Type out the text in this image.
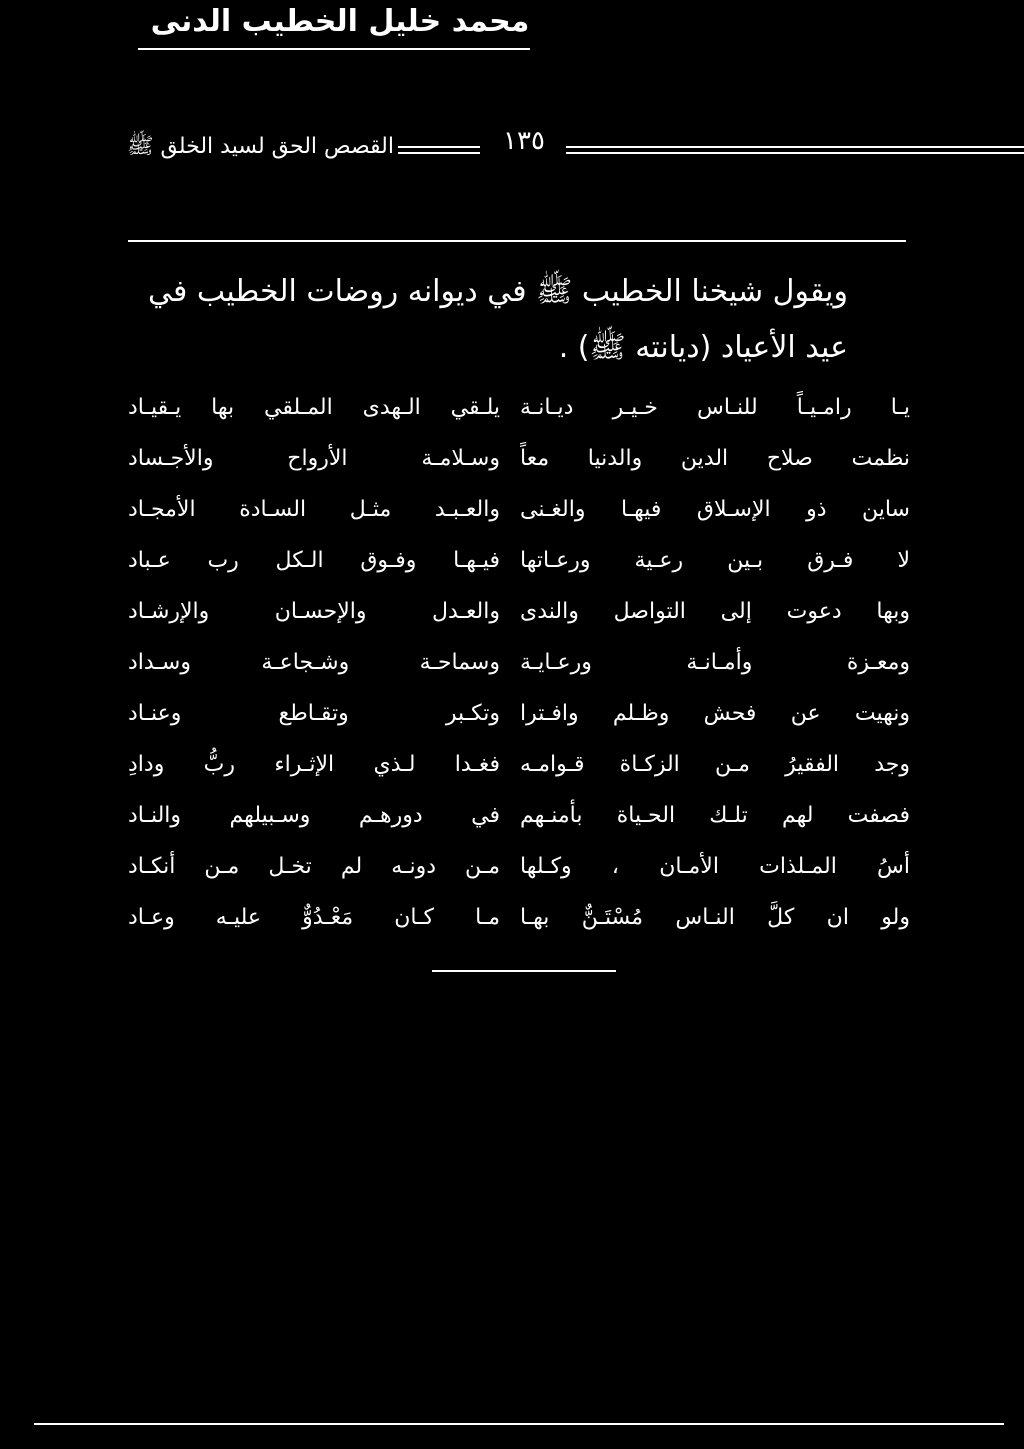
محمد خليل الخطيب الدنى
١٣٥
القصص الحق لسيد الخلق ﷺ

ويقول شيخنا الخطيب ﷺ في ديوانه روضات الخطيب في

عيد الأعياد (ديانته ﷺ) .

يـا رامـيـاً للنـاس خـيـر ديـانـة
يلـقي الـهدى المـلقي بها يـقيـاد
نظمت صلاح الدين والدنيا معاً
وسـلامـة الأرواح والأجـساد
ساين ذو الإسـلاق فيهـا والغـنى
والعـبـد مثـل السـادة الأمجـاد
لا فـرق بـين رعـية ورعـاتها
فيـهـا وفـوق الـكل رب عـباد
وبها دعوت إلى التواصل والندى
والعـدل والإحسـان والإرشـاد
ومعـزة وأمـانـة ورعـايـة
وسماحـة وشـجاعـة وسـداد
ونهيت عن فحش وظـلم وافـترا
وتكـبر وتقـاطع وعنـاد
وجد الفقيرُ مـن الزكـاة قـوامـه
فغـدا لـذي الإثـراء ربُّ ودادِ
فصفت لهم تلـك الحـياة بأمنـهم
في دورهـم وسـبيلهم والنـاد
أسُ المـلذات الأمـان ، وكـلها
مـن دونـه لم تخـل مـن أنكـاد
ولو ان كلَّ النـاس مُسْتَـنٌّ بهـا
مـا كـان مَعْـدُوٌّ عليـه وعـاد
